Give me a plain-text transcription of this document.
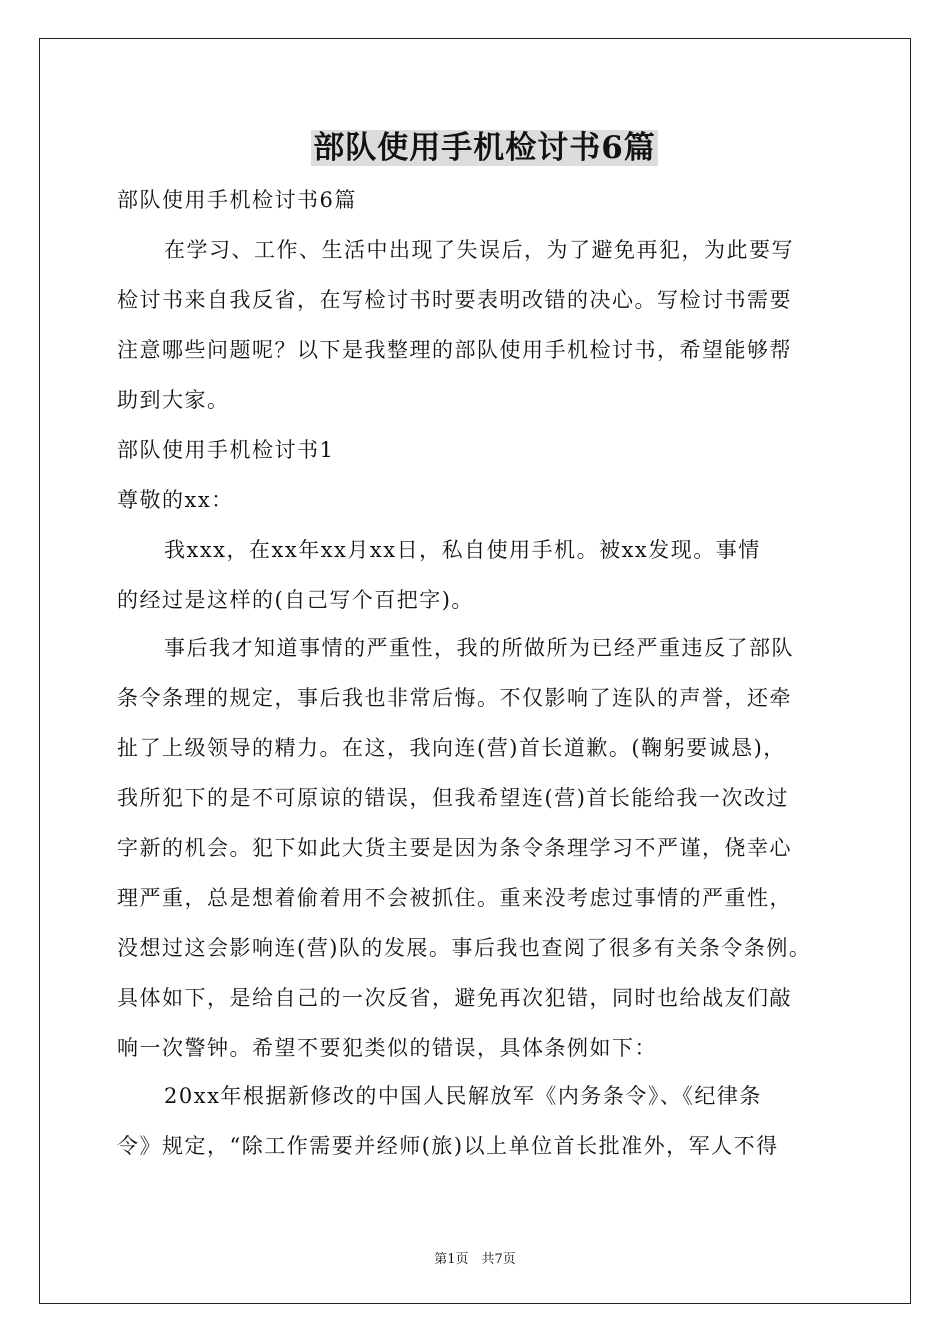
部队使用手机检讨书6篇
部队使用手机检讨书6篇
在学习、工作、生活中出现了失误后，为了避免再犯，为此要写
检讨书来自我反省，在写检讨书时要表明改错的决心。写检讨书需要
注意哪些问题呢？以下是我整理的部队使用手机检讨书，希望能够帮
助到大家。
部队使用手机检讨书1
尊敬的xx：
我xxx，在xx年xx月xx日，私自使用手机。被xx发现。事情
的经过是这样的(自己写个百把字)。
事后我才知道事情的严重性，我的所做所为已经严重违反了部队
条令条理的规定，事后我也非常后悔。不仅影响了连队的声誉，还牵
扯了上级领导的精力。在这，我向连(营)首长道歉。(鞠躬要诚恳)，
我所犯下的是不可原谅的错误，但我希望连(营)首长能给我一次改过
字新的机会。犯下如此大货主要是因为条令条理学习不严谨，侥幸心
理严重，总是想着偷着用不会被抓住。重来没考虑过事情的严重性，
没想过这会影响连(营)队的发展。事后我也查阅了很多有关条令条例。
具体如下，是给自己的一次反省，避免再次犯错，同时也给战友们敲
响一次警钟。希望不要犯类似的错误，具体条例如下：
20xx年根据新修改的中国人民解放军《内务条令》、《纪律条
令》规定，“除工作需要并经师(旅)以上单位首长批准外，军人不得
第1页　共7页
